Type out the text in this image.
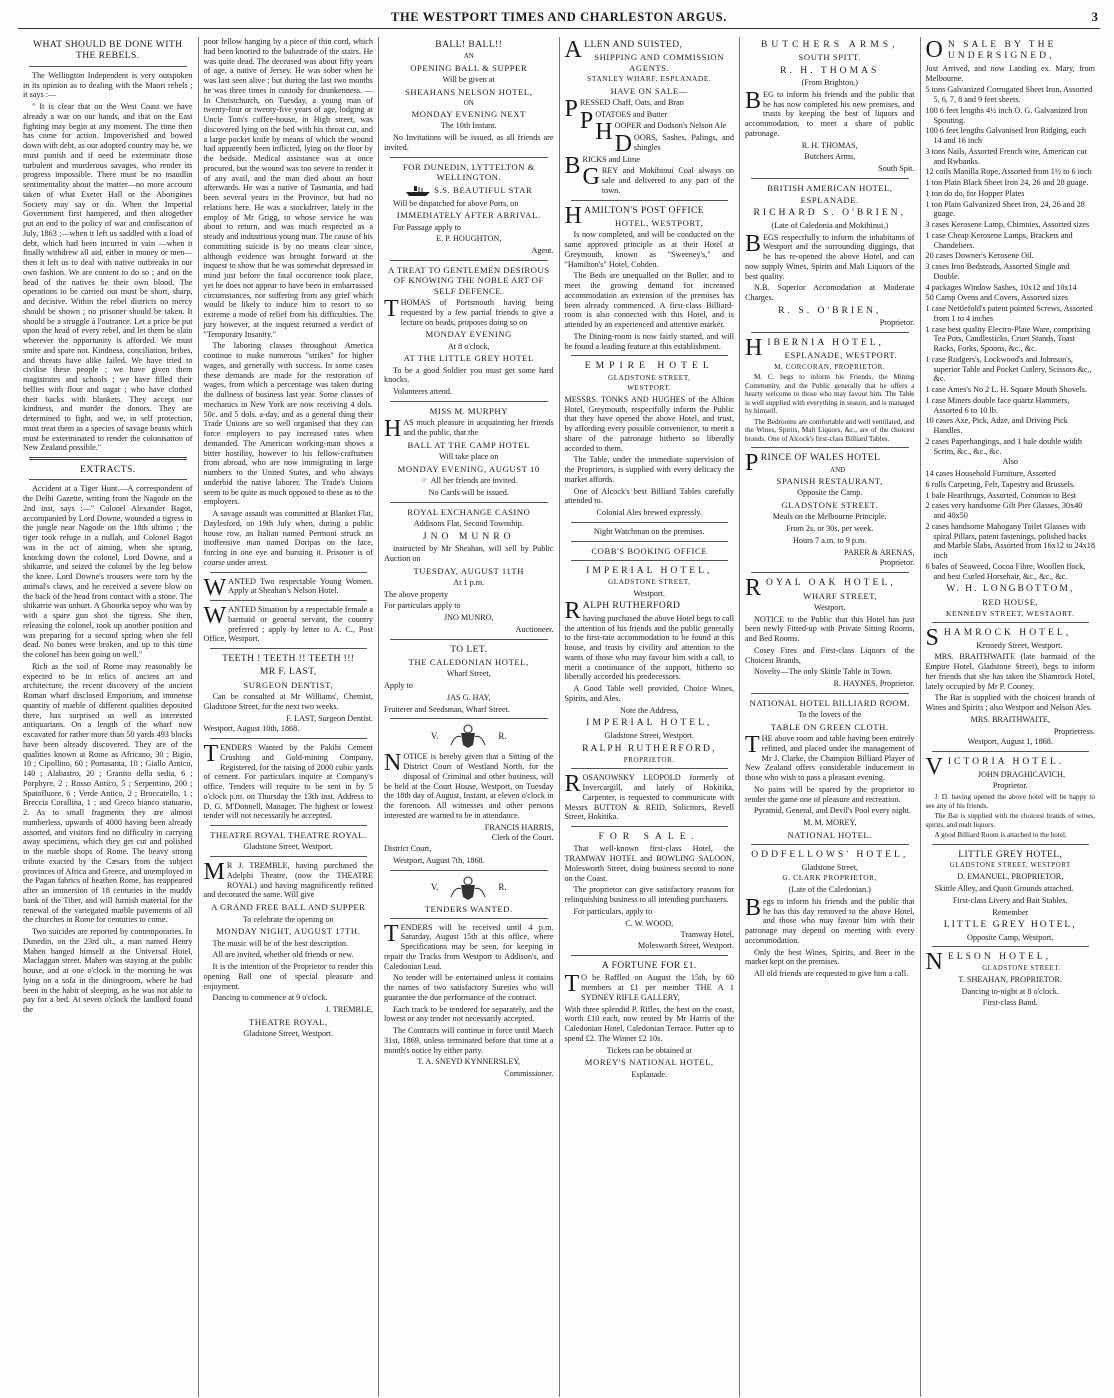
THE WESTPORT TIMES AND CHARLESTON ARGUS.	3
WHAT SHOULD BE DONE WITH THE REBELS.

The Wellington Independent is very outspoken in its opinion as to dealing with the Maori rebels ; it says :—

" It is clear that on the West Coast we have already a war on our hands, and that on the East fighting may begin at any moment. The time then has come for action. Impoverished and bowed down with debt, as our adopted country may be, we must punish and if need be exterminate those turbulent and murderous savages, who render its progress impossible. There must be no maudlin sentimentality about the matter—no more account taken of what Exeter Hall or the Aborigines Society may say or do. When the Imperial Government first hampered, and then altogether put an end to the policy of war and confiscation of July, 1863 ;—when it left us saddled with a load of debt, which had been incurred in vain —when it finally withdrew all aid, either in money or men—then it left us to deal with native outbreaks in our own fashion. We are content to do so ; and on the head of the natives be their own blood. The operations to be carried out must be short, sharp, and decisive. Within the rebel districts no mercy should be shown ; no prisoner should be taken. It should be a struggle à l'outrance. Let a price be put upon the head of every rebel, and let them be slain wherever the opportunity is afforded. We must smite and spare not. Kindness, conciliation, bribes, and threats have alike failed. We have tried to civilise these people ; we have given them magistrates and schools ; we have filled their bellies with flour and sugar ; who have clothed their backs with blankets. They accept our kindness, and murder the donors. They are determined to fight, and we, in self protection, must treat them as a species of savage beasts which must be exterminated to render the colonisation of New Zealand possible."

EXTRACTS.

Accident at a Tiger Hunt.—A correspondent of the Delhi Gazette, writing from the Nagode on the 2nd inst, says :—" Colonel Alexander Bagot, accompanied by Lord Downe, wounded a tigress in the jungle near Nagode on the 18th ultimo ; the tiger took refuge in a nullah, and Colonel Bagot was in the act of aiming, when she sprang, knocking down the colonel, Lord Downe, and a shikarrie, and seized the colonel by the leg below the knee. Lord Downe's trousers were torn by the animal's claws, and he received a severe blow on the back of the head from contact with a stone. The shikarrie was unhurt. A Ghoorka sepoy who was by with a spare gun shot the tigress. She then, releasing the colonel, took up another position and was preparing for a second spring when she fell dead. No bones were broken, and up to this time the colonel has been going on well."

Rich as the soil of Rome may reasonably be expected to be in relics of ancient art and architecture, the recent discovery of the ancient Roman wharf disclosed Emporium, and immense quantity of marble of different qualities deposited there, has surprised as well as interested antiquarians. On a length of the wharf now excavated for rather more than 50 yards 493 blocks have been already discovered. They are of the qualities known at Rome as Africano, 30 ; Bigio, 10 ; Cipollino, 60 ; Portasanta, 10 ; Giallo Antico, 140 ; Alabastro, 20 ; Granito della sedia, 6 ; Porphyre, 2 ; Rosso Antico, 5 ; Serpentino, 200 ; Spatofluore, 6 ; Verde Antico, 2 ; Broccatello, 1 ; Breccia Corallina, 1 ; and Greco bianco statuario, 2. As to small fragments they are almost numberless, upwards of 4000 having been already assorted, and visitors find no difficulty in carrying away specimens, which they get cut and polished in the marble shops of Rome. The heavy strong tribute exacted by the Cæsars from the subject provinces of Africa and Greece, and unemployed in the Pagan fabrics of heathen Rome, has reappeared after an immersion of 18 centuries in the muddy bank of the Tiber, and will furnish material for the renewal of the variegated marble pavements of all the churches in Rome for centuries to come.

Two suicides are reported by contemporaries. In Dunedin, on the 23rd ult., a man named Henry Mahen hanged himself at the Universal Hotel, Maclaggan street. Mahen was staying at the public house, and at one o'clock in the morning he was lying on a sofa in the diningroom, where he had been in the habit of sleeping, as he was not able to pay for a bed. At seven o'clock the landlord found the

poor fellow hanging by a piece of thin cord, which had been knotted to the balustrade of the stairs. He was quite dead. The deceased was about fifty years of age, a native of Jersey. He was sober when he was last seen alive ; but during the last two months he was three times in custody for drunkenness. —In Christchurch, on Tuesday, a young man of twenty-four or twenty-five years of age, lodging at Uncle Tom's coffee-house, in High street, was discovered lying on the bed with his throat cut, and a large pocket knife by means of which the wound had apparently been inflicted, lying on the floor by the bedside. Medical assistance was at once procured, but the wound was too severe to render it of any avail, and the man died about an hour afterwards. He was a native of Tasmania, and had been several years in the Province, but had no relations here. He was a stockdriver, lately in the employ of Mr Grigg, to whose service he was about to return, and was much respected as a steady and industrious young man. The cause of his committing suicide is by no means clear since, although evidence was brought forward at the inquest to show that he was somewhat depressed in mind just before the fatal occurrence took place, yet he does not appear to have been in embarrassed circumstances, nor suffering from any grief which would be likely to induce him to resort to so extreme a mode of relief from his difficulties. The jury however, at the inquest returned a verdict of "Temporary Insanity."

The laboring classes throughout America continue to make numerous "strikes" for higher wages, and generally with success. In some cases these demands are made for the restoration of wages, from which a percentage was taken during the dullness of business last year. Some classes of mechanics in New York are now receiving 4 dols. 50c. and 5 dols. a-day, and as a general thing their Trade Unions are so well organised that they can force employers to pay increased rates when demanded. The American working-man shows a bitter hostility, however to his fellow-craftsmen from abroad, who are now immigrating in large numbers to the United States, and who always underbid the native laborer. The Trade's Unions seem to be quite as much opposed to these as to the employers.

A savage assault was committed at Blanket Flat, Daylesford, on 19th July when, during a public house row, an Italian named Permoni struck an inoffensive man named Doripas on the face, forcing in one eye and bursting it. Prisoner is of course under arrest.

WANTED Two respectable Young Women. Apply at Sheahan's Nelson Hotel.

WANTED Situation by a respectable female a barmaid or general servant, the country preferred ; apply by letter to A. C., Post Office, Westport.

TEETH ! TEETH !! TEETH !!!
MR F. LAST,
SURGEON DENTIST,

Can be consulted at Mr Williams', Chemist, Gladstone Street, for the next two weeks.

F. LAST, Surgeon Dentist.

Westport, August 10th, 1868.

TENDERS Wanted by the Pakihi Cement Crushing and Gold-mining Company, Registered, for the raising of 2000 cubic yards of cement. For particulars inquire at Company's office. Tenders will require to be sent in by 5 o'clock p.m. on Thursday the 13th inst. Address to D. G. M'Donnell, Manager. The highest or lowest tender will not necessarily be accepted.

THEATRE ROYAL THEATRE ROYAL.
Gladstone Street, Westport.

MR J. TREMBLE, having purchased the Adelphi Theatre, (now the THEATRE ROYAL) and having magnificently refitted and decorated the same. Will give

A GRAND FREE BALL AND SUPPER

To celebrate the opening on

MONDAY NIGHT, AUGUST 17TH.

The music will be of the best description.

All are invited, whether old friends or new.

It is the intention of the Proprietor to render this opening Ball one of special pleasure and enjoyment.

Dancing to commence at 9 o'clock.

J. TREMBLE,
THEATRE ROYAL,
Gladstone Street, Westport.
BALL! BALL!!
AN
OPENING BALL & SUPPER

Will be given at

SHEAHANS NELSON HOTEL,
ON
MONDAY EVENING NEXT

The 10th Instant.

No Invitations will be issued, as all friends are invited.

FOR DUNEDIN, LYTTELTON & WELLINGTON.
S.S. BEAUTIFUL STAR

Will be dispatched for above Ports, on

IMMEDIATELY AFTER ARRIVAL.

For Passage apply to

E. P. HOUGHTON,
Agent.
A TREAT TO GENTLEMEN DESIROUS OF KNOWING THE NOBLE ART OF SELF DEFENCE.

THOMAS of Portsmouth having being requested by a few partial friends to give a lecture on heads, proposes doing so on

MONDAY EVENING
At 8 o'clock,
AT THE LITTLE GREY HOTEL

To be a good Soldier you must get some hard knocks.

Volunteers attend.

MISS M. MURPHY

HAS much pleasure in acquainting her friends and the public, that the

BALL AT THE CAMP HOTEL

Will take place on

MONDAY EVENING, AUGUST 10

☞ All her friends are invited.

No Cards will be issued.

ROYAL EXCHANGE CASINO

Addisons Flat, Second Township.

JNO MUNRO

instructed by Mr Sheahan, will sell by Public Auction on

TUESDAY, AUGUST 11TH

At 1 p.m.

The above property

For particulars apply to

JNO MUNRO,
Auctioneer.
TO LET.
THE CALEDONIAN HOTEL,

Wharf Street,

Apply to

JAS G. HAY,

Fruiterer and Seedsman, Wharf Street.

V.	R.

NOTICE is hereby given that a Sitting of the District Court of Westland North, for the disposal of Criminal and other business, will be held at the Court House, Westport, on Tuesday the 18th day of August, Instant, at eleven o'clock in the forenoon. All witnesses and other persons interested are warned to be in attendance.

FRANCIS HARRIS,
Clerk of the Court.

District Court,

Westport, August 7th, 1868.

V.	R.
TENDERS WANTED.

TENDERS will be received until 4 p.m. Saturday, August 15th at this office, where Specifications may be seen, for keeping in repair the Tracks from Westport to Addison's, and Caledonian Lead.

No tender will be entertained unless it contains the names of two satisfactory Sureties who will guarantee the due performance of the contract.

Each track to be tendered for separately, and the lowest or any tender not necessarily accepted.

The Contracts will continue in force until March 31st, 1869, unless terminated before that time at a month's notice by either party.

T. A. SNEYD KYNNERSLEY,
Commissioner.
ALLEN AND SUISTED,
SHIPPING AND COMMISSION AGENTS.
STANLEY WHARF, ESPLANADE.
HAVE ON SALE—

PRESSED Chaff, Oats, and Bran

POTATOES and Butter

HOOPER and Dodson's Nelson Ale

DOORS, Sashes, Palings, and shingles

BRICKS and Lime

GREY and Mokihinui Coal always on sale and delivered to any part of the town.

HAMILTON'S POST OFFICE
HOTEL, WESTPORT,

Is now completed, and will be conducted on the same approved principle as at their Hotel at Greymouth, known as "Sweeney's," and "Hamilton's" Hotel, Cobden.

The Beds are unequalled on the Buller, and to meet the growing demand for increased accommodation an extension of the premises has been already commenced. A first-class Billiard-room is also connected with this Hotel, and is attended by an experienced and attentive marker.

The Dining-room is now fairly started, and will be found a leading feature at this establishment.

EMPIRE HOTEL
GLADSTONE STREET,
WESTPORT.

MESSRS. TONKS AND HUGHES of the Albion Hotel, Greymouth, respectfully inform the Public that they have opened the above Hotel, and trust, by affording every possible convenience, to merit a share of the patronage hitherto so liberally accorded to them.

The Table, under the immediate supervision of the Proprietors, is supplied with every delicacy the market affords.

One of Alcock's best Billiard Tables carefully attended to.

Colonial Ales brewed expressly.

Night Watchman on the premises.

COBB'S BOOKING OFFICE
IMPERIAL HOTEL,
GLADSTONE STREET,
Westport.
RALPH RUTHERFORD

having purchased the above Hotel begs to call the attention of his friends and the public generally to the first-rate accommodation to be found at this house, and trusts by civility and attention to the wants of those who may favour him with a call, to merit a continuance of the support, hitherto so liberally accorded his predecessors.

A Good Table well provided, Choice Wines, Spirits, and Ales.

Note the Address,

IMPERIAL HOTEL,

Gladstone Street, Westport.

RALPH RUTHERFORD,
PROPRIETOR.

ROSANOWSKY LEOPOLD formerly of Invercargill, and lately of Hokitika, Carpenter, is requested to communicate with Messrs BUTTON & REID, Solicitors, Revell Street, Hokitika.

FOR SALE.

That well-known first-class Hotel, the TRAMWAY HOTEL and BOWLING SALOON, Molesworth Street, doing business second to none on the Coast.

The proprietor can give satisfactory reasons for relinquishing business to all intending purchasers.

For particulars, apply to

C. W. WOOD,
Tramway Hotel,
Molesworth Street, Westport.
A FORTUNE FOR £1.

TO be Raffled on August the 15th, by 60 members at £1 per member THE A 1 SYDNEY RIFLE GALLERY,

With three splendid P. Rifles, the best on the coast, worth £10 each, now rented by Mr Harris of the Caledonian Hotel, Caledonian Terrace. Putter up to spend £2. The Winner £2 10s.

Tickets can be obtained at

MOREY'S NATIONAL HOTEL,
Esplanade.
BUTCHERS ARMS,
SOUTH SPITT.
R. H. THOMAS

(From Brighton,)

BEG to inform his friends and the public that he has now completed his new premises, and trusts by keeping the best of liquors and accommodation, to meet a share of public patronage.

R. H. THOMAS,
Butchers Arms,
South Spit.
BRITISH AMERICAN HOTEL,
ESPLANADE.
RICHARD S. O'BRIEN,

(Late of Caledonia and Mokihinui.)

BEGS respectfully to inform the inhabitants of Westport and the surrounding diggings, that he has re-opened the above Hotel, and can now supply Wines, Spirits and Malt Liquors of the best quality.

N.B. Superior Accomodation at Moderate Charges.

R. S. O'BRIEN,
Proprietor.
HIBERNIA HOTEL,
ESPLANADE, WESTPORT.
M. CORCORAN, PROPRIETOR.

M. C. begs to inform his Friends, the Mining Community, and the Public generally that he offers a hearty welcome to those who may favour him. The Table is well supplied with everything in season, and is managed by himself.

The Bedrooms are comfortable and well ventilated, and the Wines, Spirits, Malt Liquors, &c., are of the choicest brands. One of Alcock's first-class Billiard Tables.

PRINCE OF WALES HOTEL
AND
SPANISH RESTAURANT,

Opposite the Camp.

GLADSTONE STREET.

Meals on the Melbourne Principle.

From 2s, or 30s, per week.

Hours 7 a.m. to 9 p.m.

PARER & ARENAS,
Proprietor.
ROYAL OAK HOTEL,
WHARF STREET,
Westport.

NOTICE to the Public that this Hotel has just been newly Fitted-up with Private Sitting Rooms, and Bed Rooms.

Cosey Fires and First-class Liquors of the Choicest Brands,

Novelty—The only Skittle Table in Town.

R. HAYNES, Proprietor.
NATIONAL HOTEL BILLIARD ROOM.

To the lovers of the

TABLE ON GREEN CLOTH.

THE above room and table having been entirely refitted, and placed under the management of Mr J. Clarke, the Champion Billiard Player of New Zealand offers considerable inducement to those who wish to pass a pleasant evening.

No pains will be spared by the proprietor to render the game one of pleasure and recreation.

Pyramid, General, and Devil's Pool every night.

M. M. MOREY,
NATIONAL HOTEL.
ODDFELLOWS' HOTEL,

Gladstone Street,

G. CLARK PROPRIETOR,

(Late of the Caledonian.)

Begs to inform his friends and the public that he has this day removed to the above Hotel, and those who may favour him with their patronage may depend on meeting with every accommodation.

Only the best Wines, Spirits, and Beer in the market kept on the premises.

All old friends are requested to give him a call.

ON SALE BY THE UNDERSIGNED,

Just Arrived, and now Landing ex. Mary, from Melbourne.

5 tons Galvanized Corrugated Sheet Iron, Assorted 5, 6, 7, 8 and 9 feet sheets.
100 6 feet lengths 4½ inch O. G. Galvanized Iron Spouting.
100 6 feet lengths Galvanised Iron Ridging, each 14 and 16 inch
3 tons Nails, Assorted French wire, American cut and Rwbanks.
12 coils Manilla Rope, Assorted from 1½ to 6 inch
1 ton Plain Black Sheet Iron 24, 26 and 28 guage.
1 ton do do, for Hopper Plates
1 ton Plain Galvanized Sheet Iron, 24, 26 and 28 guage.
3 cases Kerosene Lamp, Chimnies, Assorted sizes
1 case Cheap Kerosene Lamps, Brackets and Chandeliers.
20 cases Downer's Kerosene Oil.
3 cases Iron Bedsteads, Assorted Single and Double.
4 packages Window Sashes, 10x12 and 10x14
50 Camp Ovens and Covers, Assorted sizes
1 case Nettlefold's patent pointed Screws, Assorted from 1 to 4 inches
1 case best quality Electro-Plate Ware, comprising Tea Pots, Candlesticks, Cruet Stands, Toast Racks, Forks, Spoons, &c., &c.
1 case Rodgers's, Lockwood's and Johnson's, superior Table and Pocket Cutlery, Scissors &c., &c.
1 case Ames's No 2 L. H. Square Mouth Shovels.
1 case Miners double face quartz Hammers, Assorted 6 to 10 lb.
10 cases Axe, Pick, Adze, and Driving Pick Handles.
2 cases Paperhangings, and 1 bale double width Scrim, &c., &c., &c.

Also

14 cases Household Furniture, Assorted
6 rolls Carpeting, Felt, Tapestry and Brussels.
1 bale Hearthrugs, Assorted, Common to Best
2 cases very handsome Gilt Pier Glasses, 30x40 and 40x50
2 cases handsome Mahogany Toilet Glasses with spiral Pillars, patent fastenings, polished backs and Marble Slabs, Assorted from 16x12 to 24x18 inch
6 bales of Seaweed, Cocoa Fibre, Woollen flock, and best Curled Horsehair, &c., &c., &c.
W. H. LONGBOTTOM,
RED HOUSE,
KENNEDY STREET, WESTAORT.
SHAMROCK HOTEL,

Kennedy Street, Westport.

MRS. BRAITHWAITE (late barmaid of the Empire Hotel, Gladstone Street), begs to inform her friends that she has taken the Shamrock Hotel, lately occupied by Mr P. Cooney.

The Bar is supplied with the choicest brands of Wines and Spirits ; also Westport and Nelson Ales.

MRS. BRAITHWAITE,
Proprietress.

Westport, August 1, 1868.

VICTORIA HOTEL.
JOHN DRAGHICAVICH,
Proprietor.

J. D. having opened the above hotel will be happy to see any of his friends.

The Bar is supplied with the choicest brands of wines, spirits, and malt liquors.

A good Billiard Room is attached to the hotel.

LITTLE GREY HOTEL,
GLADSTONE STREET, WESTPORT
D. EMANUEL, PROPRIETOR,

Skittle Alley, and Quoit Grounds attached.

First-class Livery and Bait Stables.

Remember

LITTLE GREY HOTEL,

Opposite Camp, Westport.

NELSON HOTEL,
GLADSTONE STREET.
T. SHEAHAN, PROPRIETOR.

Dancing to-night at 8 o'clock.

First-class Band.
